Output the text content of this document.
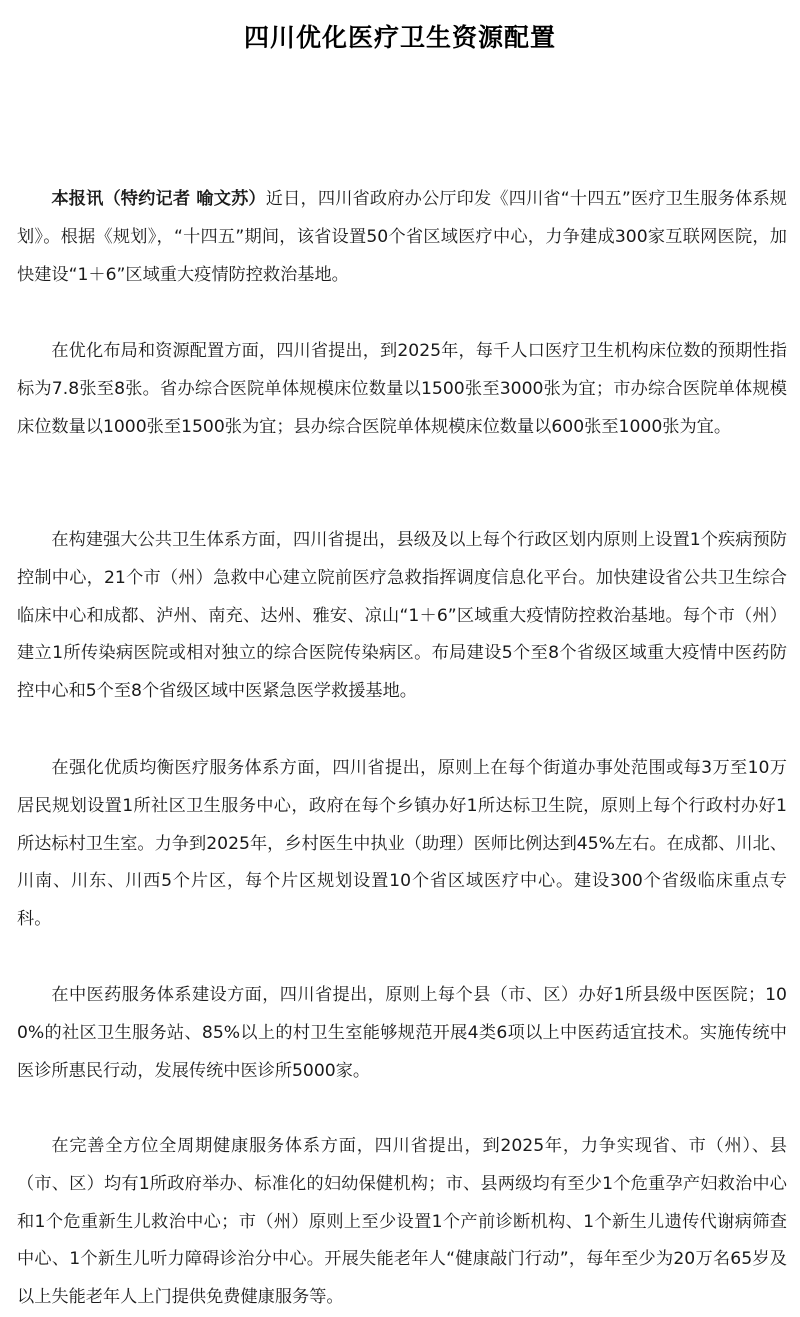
四川优化医疗卫生资源配置

本报讯（特约记者 喻文苏）近日，四川省政府办公厅印发《四川省“十四五”医疗卫生服务体系规划》。根据《规划》，“十四五”期间，该省设置50个省区域医疗中心，力争建成300家互联网医院，加快建设“1＋6”区域重大疫情防控救治基地。

在优化布局和资源配置方面，四川省提出，到2025年，每千人口医疗卫生机构床位数的预期性指标为7.8张至8张。省办综合医院单体规模床位数量以1500张至3000张为宜；市办综合医院单体规模床位数量以1000张至1500张为宜；县办综合医院单体规模床位数量以600张至1000张为宜。

在构建强大公共卫生体系方面，四川省提出，县级及以上每个行政区划内原则上设置1个疾病预防控制中心，21个市（州）急救中心建立院前医疗急救指挥调度信息化平台。加快建设省公共卫生综合临床中心和成都、泸州、南充、达州、雅安、凉山“1＋6”区域重大疫情防控救治基地。每个市（州）建立1所传染病医院或相对独立的综合医院传染病区。布局建设5个至8个省级区域重大疫情中医药防控中心和5个至8个省级区域中医紧急医学救援基地。

在强化优质均衡医疗服务体系方面，四川省提出，原则上在每个街道办事处范围或每3万至10万居民规划设置1所社区卫生服务中心，政府在每个乡镇办好1所达标卫生院，原则上每个行政村办好1所达标村卫生室。力争到2025年，乡村医生中执业（助理）医师比例达到45%左右。在成都、川北、川南、川东、川西5个片区，每个片区规划设置10个省区域医疗中心。建设300个省级临床重点专科。

在中医药服务体系建设方面，四川省提出，原则上每个县（市、区）办好1所县级中医医院；100%的社区卫生服务站、85%以上的村卫生室能够规范开展4类6项以上中医药适宜技术。实施传统中医诊所惠民行动，发展传统中医诊所5000家。

在完善全方位全周期健康服务体系方面，四川省提出，到2025年，力争实现省、市（州）、县（市、区）均有1所政府举办、标准化的妇幼保健机构；市、县两级均有至少1个危重孕产妇救治中心和1个危重新生儿救治中心；市（州）原则上至少设置1个产前诊断机构、1个新生儿遗传代谢病筛查中心、1个新生儿听力障碍诊治分中心。开展失能老年人“健康敲门行动”，每年至少为20万名65岁及以上失能老年人上门提供免费健康服务等。
